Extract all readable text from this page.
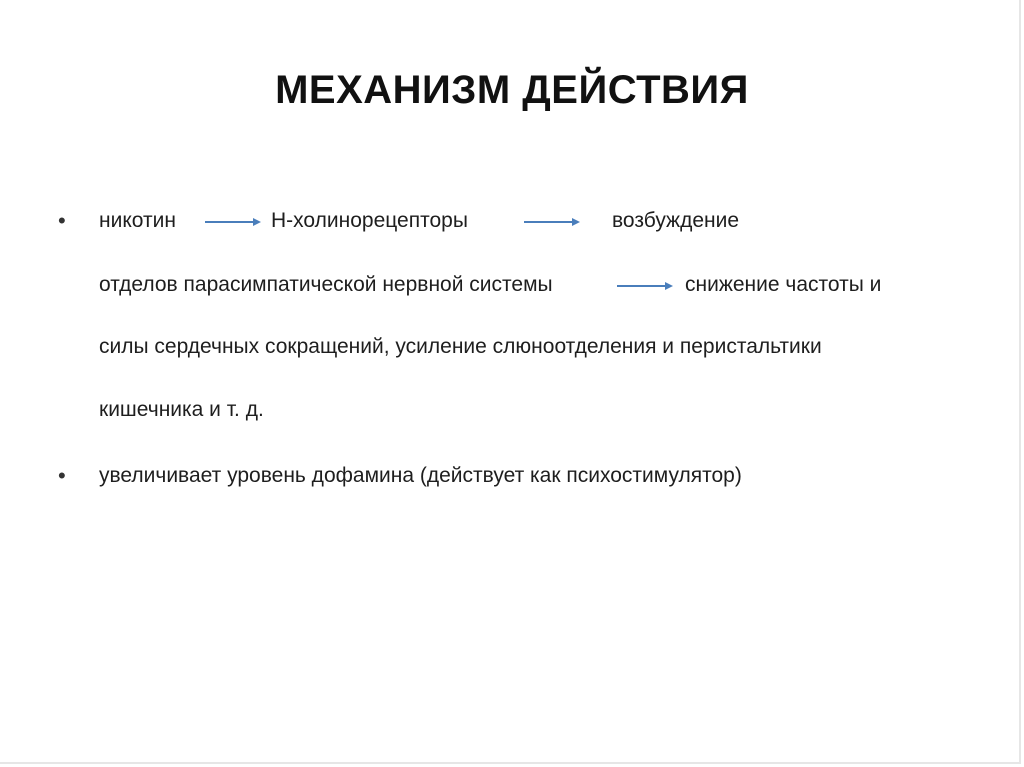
МЕХАНИЗМ ДЕЙСТВИЯ
• никотин	Н-холинорецепторы	возбуждение
отделов парасимпатической нервной системы	снижение частоты и
силы сердечных сокращений, усиление слюноотделения и перистальтики
кишечника и т. д.
• увеличивает уровень дофамина (действует как психостимулятор)
